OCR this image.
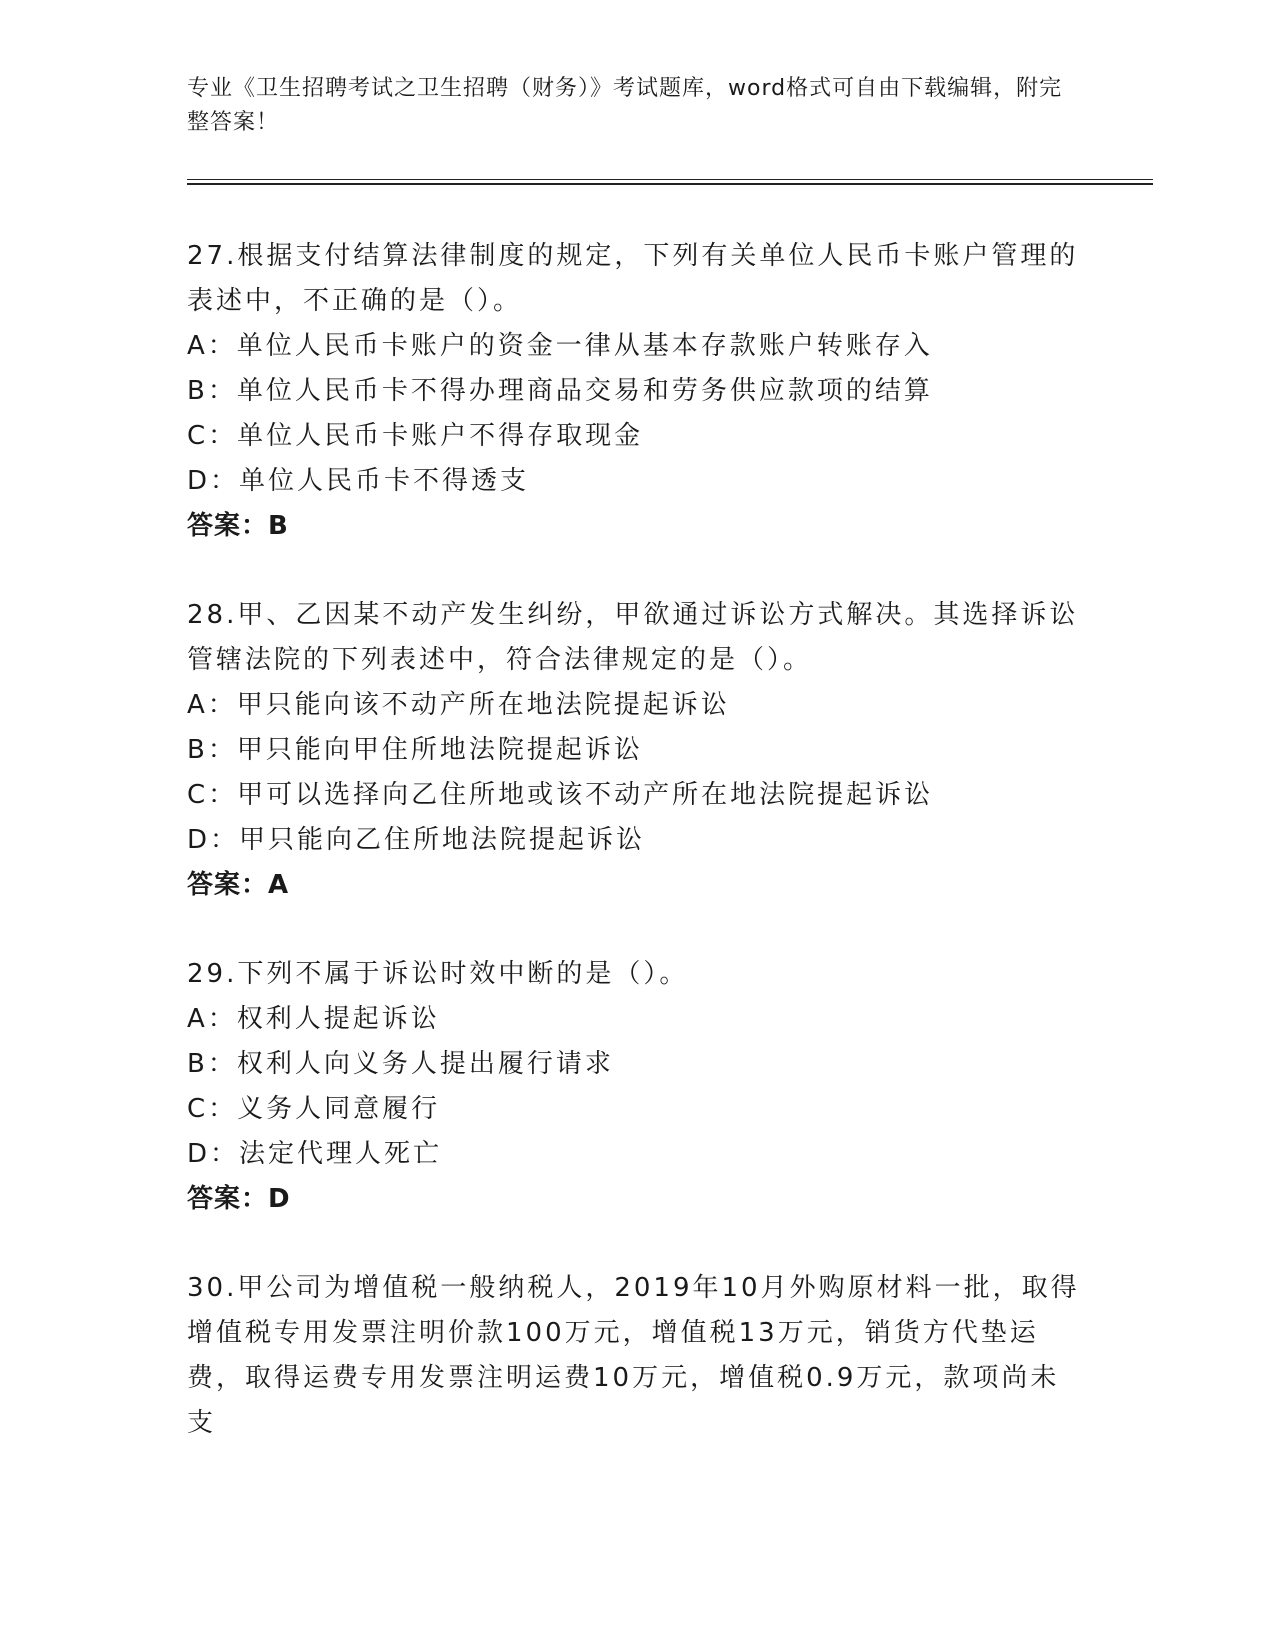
专业《卫生招聘考试之卫生招聘（财务）》考试题库，word格式可自由下载编辑，附完整答案！

27.根据支付结算法律制度的规定，下列有关单位人民币卡账户管理的表述中，不正确的是（）。

A：单位人民币卡账户的资金一律从基本存款账户转账存入

B：单位人民币卡不得办理商品交易和劳务供应款项的结算

C：单位人民币卡账户不得存取现金

D：单位人民币卡不得透支

答案：B

28.甲、乙因某不动产发生纠纷，甲欲通过诉讼方式解决。其选择诉讼管辖法院的下列表述中，符合法律规定的是（）。

A：甲只能向该不动产所在地法院提起诉讼

B：甲只能向甲住所地法院提起诉讼

C：甲可以选择向乙住所地或该不动产所在地法院提起诉讼

D：甲只能向乙住所地法院提起诉讼

答案：A

29.下列不属于诉讼时效中断的是（）。

A：权利人提起诉讼

B：权利人向义务人提出履行请求

C：义务人同意履行

D：法定代理人死亡

答案：D

30.甲公司为增值税一般纳税人，2019年10月外购原材料一批，取得增值税专用发票注明价款100万元，增值税13万元，销货方代垫运费，取得运费专用发票注明运费10万元，增值税0.9万元，款项尚未支
